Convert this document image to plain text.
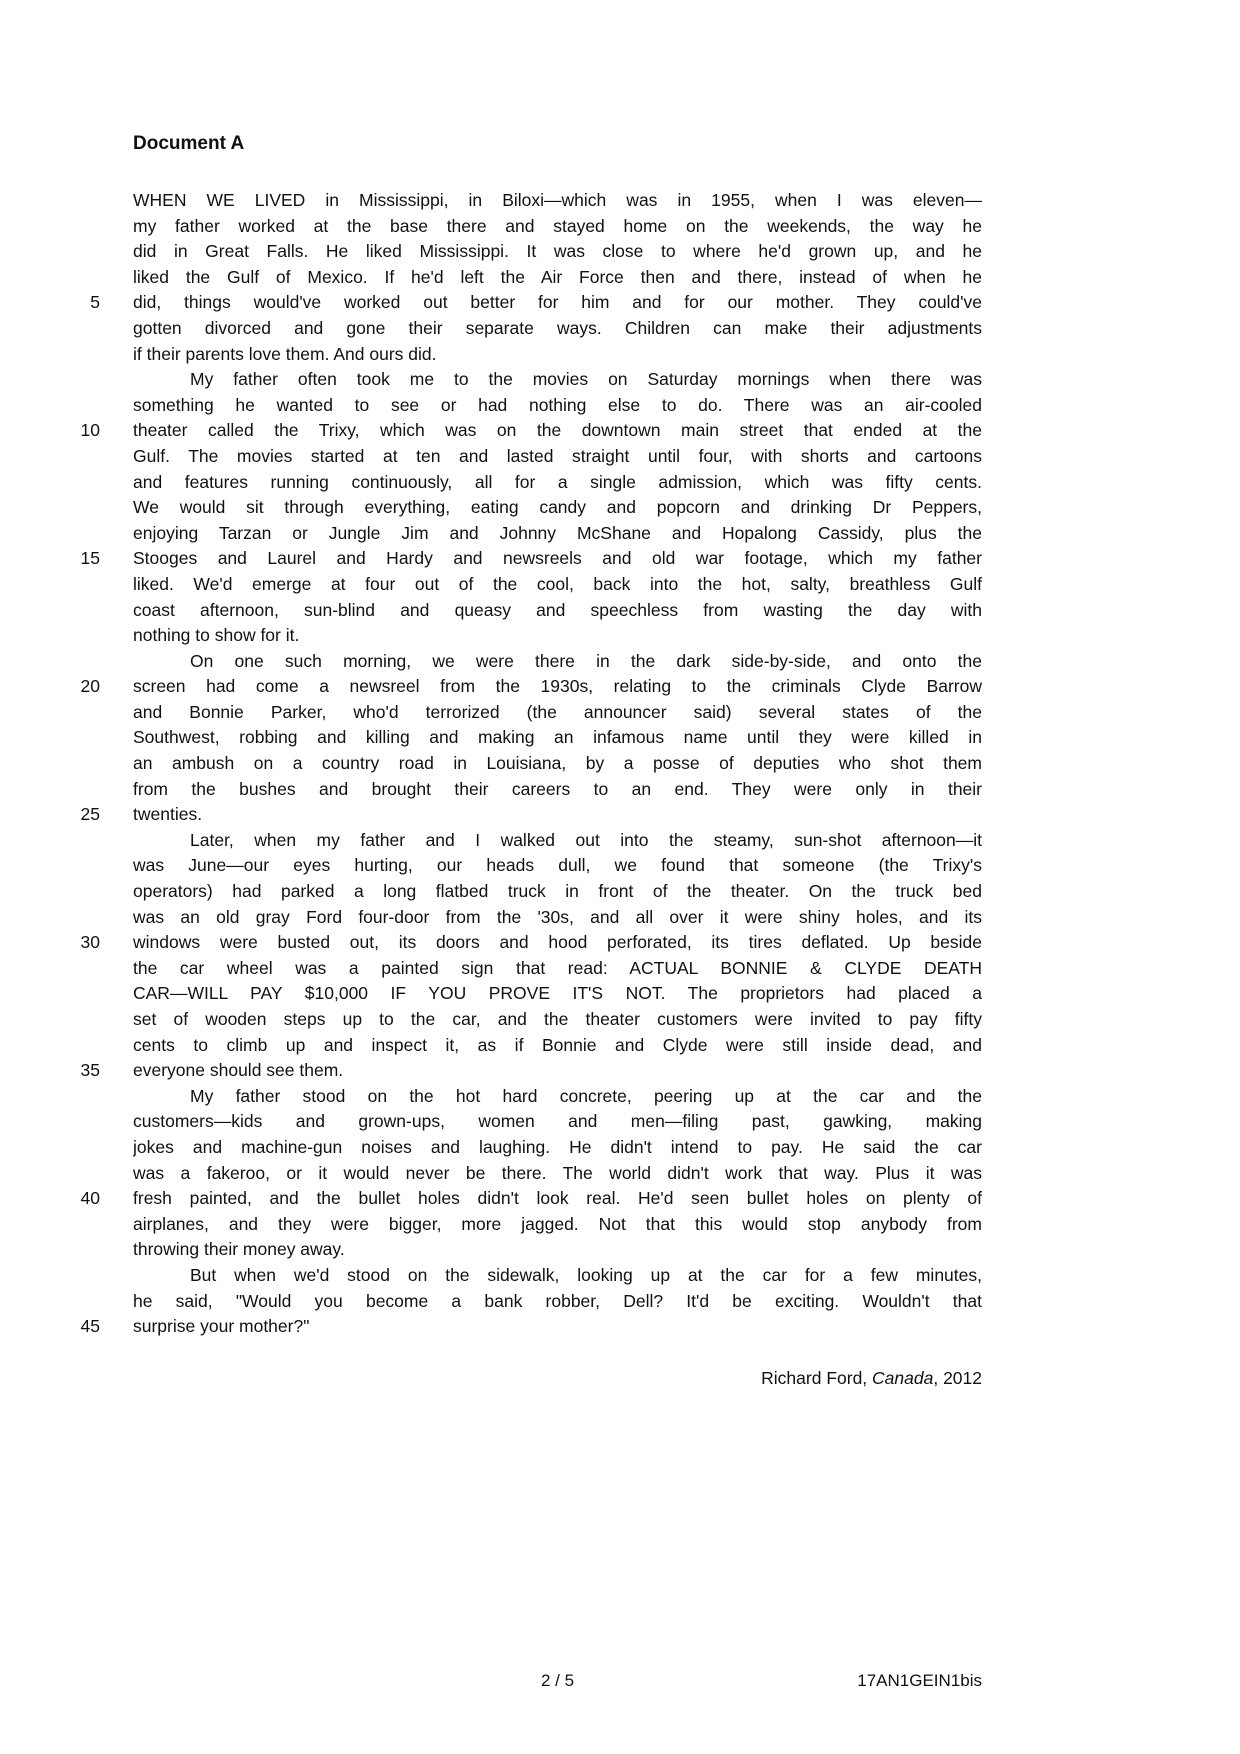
Document A
WHEN WE LIVED in Mississippi, in Biloxi—which was in 1955, when I was eleven—
my father worked at the base there and stayed home on the weekends, the way he
did in Great Falls. He liked Mississippi. It was close to where he'd grown up, and he
liked the Gulf of Mexico. If he'd left the Air Force then and there, instead of when he
5 did, things would've worked out better for him and for our mother. They could've
gotten divorced and gone their separate ways. Children can make their adjustments
if their parents love them. And ours did.
My father often took me to the movies on Saturday mornings when there was
something he wanted to see or had nothing else to do. There was an air-cooled
10 theater called the Trixy, which was on the downtown main street that ended at the
Gulf. The movies started at ten and lasted straight until four, with shorts and cartoons
and features running continuously, all for a single admission, which was fifty cents.
We would sit through everything, eating candy and popcorn and drinking Dr Peppers,
enjoying Tarzan or Jungle Jim and Johnny McShane and Hopalong Cassidy, plus the
15 Stooges and Laurel and Hardy and newsreels and old war footage, which my father
liked. We'd emerge at four out of the cool, back into the hot, salty, breathless Gulf
coast afternoon, sun-blind and queasy and speechless from wasting the day with
nothing to show for it.
On one such morning, we were there in the dark side-by-side, and onto the
20 screen had come a newsreel from the 1930s, relating to the criminals Clyde Barrow
and Bonnie Parker, who'd terrorized (the announcer said) several states of the
Southwest, robbing and killing and making an infamous name until they were killed in
an ambush on a country road in Louisiana, by a posse of deputies who shot them
from the bushes and brought their careers to an end. They were only in their
25 twenties.
Later, when my father and I walked out into the steamy, sun-shot afternoon—it
was June—our eyes hurting, our heads dull, we found that someone (the Trixy's
operators) had parked a long flatbed truck in front of the theater. On the truck bed
was an old gray Ford four-door from the '30s, and all over it were shiny holes, and its
30 windows were busted out, its doors and hood perforated, its tires deflated. Up beside
the car wheel was a painted sign that read: ACTUAL BONNIE & CLYDE DEATH
CAR—WILL PAY $10,000 IF YOU PROVE IT'S NOT. The proprietors had placed a
set of wooden steps up to the car, and the theater customers were invited to pay fifty
cents to climb up and inspect it, as if Bonnie and Clyde were still inside dead, and
35 everyone should see them.
My father stood on the hot hard concrete, peering up at the car and the
customers—kids and grown-ups, women and men—filing past, gawking, making
jokes and machine-gun noises and laughing. He didn't intend to pay. He said the car
was a fakeroo, or it would never be there. The world didn't work that way. Plus it was
40 fresh painted, and the bullet holes didn't look real. He'd seen bullet holes on plenty of
airplanes, and they were bigger, more jagged. Not that this would stop anybody from
throwing their money away.
But when we'd stood on the sidewalk, looking up at the car for a few minutes,
he said, "Would you become a bank robber, Dell? It'd be exciting. Wouldn't that
45 surprise your mother?"
Richard Ford, Canada, 2012
2 / 5	17AN1GEIN1bis
